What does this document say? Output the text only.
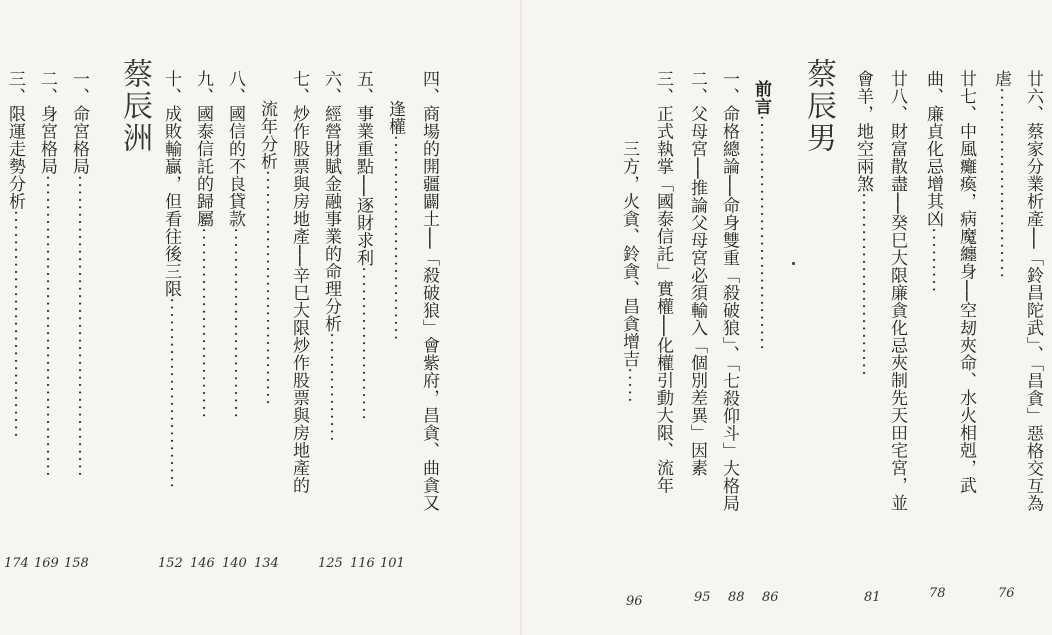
廿六、蔡家分業析產──「鈴昌陀武」、「昌貪」惡格交互為
虐··························
廿七、中風癱瘓，病魔纏身──空刼夾命、水火相剋，武
曲、廉貞化忌增其凶·········
廿八、財富散盡──癸巳大限廉貪化忌夾制先天田宅宮，並
會羊，地空兩煞·························
蔡辰男
前言································
一、命格總論──命身雙重「殺破狼」、「七殺仰斗」大格局
二、父母宮──推論父母宮必須輸入「個別差異」因素
三、正式執掌「國泰信託」實權──化權引動大限、流年
三方，火貪、鈴貪、昌貪增吉·····
76
78
81
86
88
95
96
四、商場的開疆闢土──「殺破狼」會紫府，昌貪、曲貪又
逢權····························
五、事業重點──逐財求利·····················
六、經營財賦金融事業的命理分析···············
七、炒作股票與房地產──辛巳大限炒作股票與房地產的
流年分析································
八、國信的不良貸款··························
九、國泰信託的歸屬··························
十、成敗輸贏，但看往後三限··························
蔡辰洲
一、命宮格局·········································
二、身宮格局·········································
三、限運走勢分析·······························
101
116
125
134
140
146
152
158
169
174
